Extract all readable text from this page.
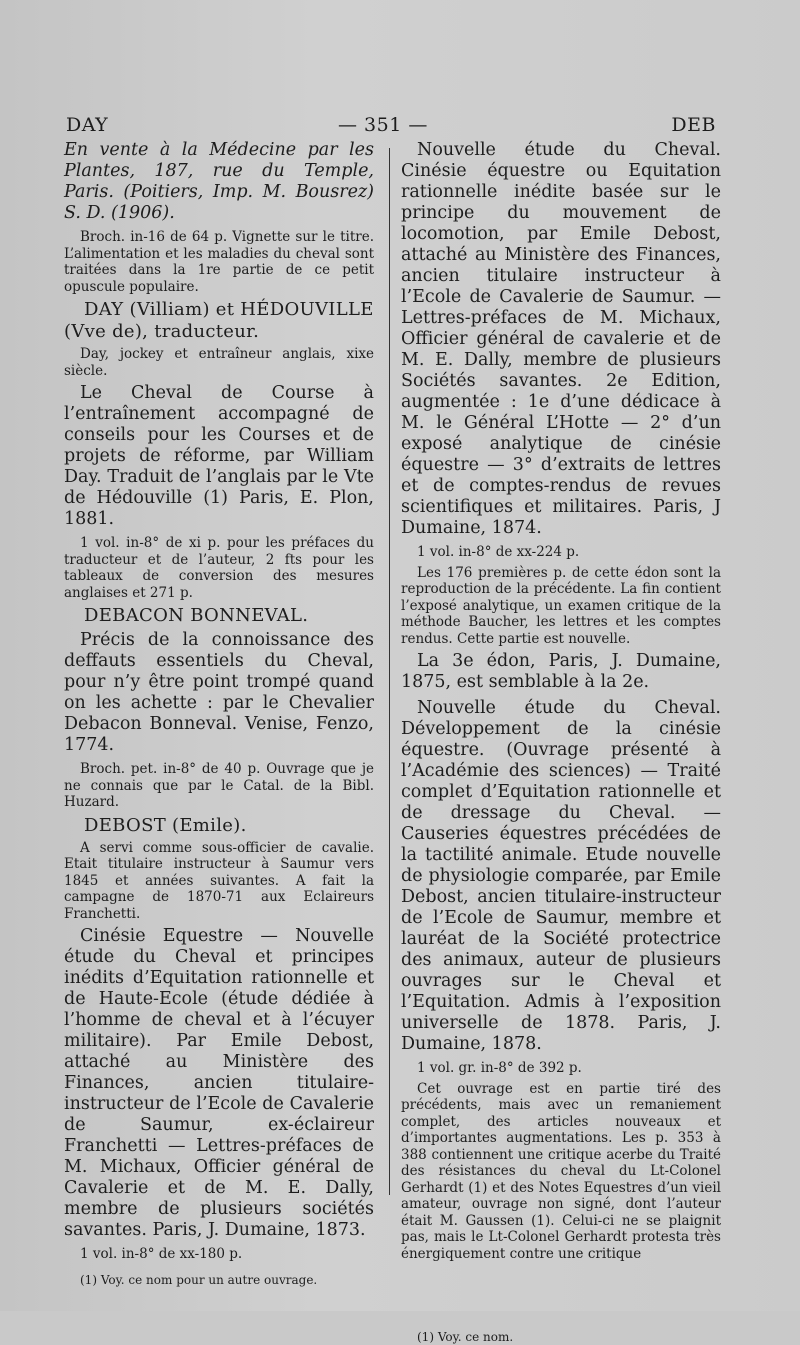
DAY	— 351 —	DEB

En vente à la Médecine par les Plantes, 187, rue du Temple, Paris. (Poitiers, Imp. M. Bousrez) S. D. (1906).

Broch. in-16 de 64 p. Vignette sur le titre. L’alimentation et les maladies du cheval sont traitées dans la 1re partie de ce petit opuscule populaire.

DAY (Villiam) et HÉDOUVILLE (Vve de), traducteur.

Day, jockey et entraîneur anglais, xixe siècle.

Le Cheval de Course à l’entraînement accompagné de conseils pour les Courses et de projets de réforme, par William Day. Traduit de l’anglais par le Vte de Hédouville (1) Paris, E. Plon, 1881.

1 vol. in-8° de xi p. pour les préfaces du traducteur et de l’auteur, 2 fts pour les tableaux de conversion des mesures anglaises et 271 p.

DEBACON BONNEVAL.

Précis de la connoissance des deffauts essentiels du Cheval, pour n’y être point trompé quand on les achette : par le Chevalier Debacon Bonneval. Venise, Fenzo, 1774.

Broch. pet. in-8° de 40 p. Ouvrage que je ne connais que par le Catal. de la Bibl. Huzard.

DEBOST (Emile).

A servi comme sous-officier de cavalie. Etait titulaire instructeur à Saumur vers 1845 et années suivantes. A fait la campagne de 1870-71 aux Eclaireurs Franchetti.

Cinésie Equestre — Nouvelle étude du Cheval et principes inédits d’Equitation rationnelle et de Haute-Ecole (étude dédiée à l’homme de cheval et à l’écuyer militaire). Par Emile Debost, attaché au Ministère des Finances, ancien titulaire-instructeur de l’Ecole de Cavalerie de Saumur, ex-éclaireur Franchetti — Lettres-préfaces de M. Michaux, Officier général de Cavalerie et de M. E. Dally, membre de plusieurs sociétés savantes. Paris, J. Dumaine, 1873.

1 vol. in-8° de xx-180 p.

(1) Voy. ce nom pour un autre ouvrage.

Nouvelle étude du Cheval. Cinésie équestre ou Equitation rationnelle inédite basée sur le principe du mouvement de locomotion, par Emile Debost, attaché au Ministère des Finances, ancien titulaire instructeur à l’Ecole de Cavalerie de Saumur. — Lettres-préfaces de M. Michaux, Officier général de cavalerie et de M. E. Dally, membre de plusieurs Sociétés savantes. 2e Edition, augmentée : 1e d’une dédicace à M. le Général L’Hotte — 2° d’un exposé analytique de cinésie équestre — 3° d’extraits de lettres et de comptes-rendus de revues scientifiques et militaires. Paris, J Dumaine, 1874.

1 vol. in-8° de xx-224 p.

Les 176 premières p. de cette édon sont la reproduction de la précédente. La fin contient l’exposé analytique, un examen critique de la méthode Baucher, les lettres et les comptes rendus. Cette partie est nouvelle.

La 3e édon, Paris, J. Dumaine, 1875, est semblable à la 2e.

Nouvelle étude du Cheval. Développement de la cinésie équestre. (Ouvrage présenté à l’Académie des sciences) — Traité complet d’Equitation rationnelle et de dressage du Cheval. — Causeries équestres précédées de la tactilité animale. Etude nouvelle de physiologie comparée, par Emile Debost, ancien titulaire-instructeur de l’Ecole de Saumur, membre et lauréat de la Société protectrice des animaux, auteur de plusieurs ouvrages sur le Cheval et l’Equitation. Admis à l’exposition universelle de 1878. Paris, J. Dumaine, 1878.

1 vol. gr. in-8° de 392 p.

Cet ouvrage est en partie tiré des précédents, mais avec un remaniement complet, des articles nouveaux et d’importantes augmentations. Les p. 353 à 388 contiennent une critique acerbe du Traité des résistances du cheval du Lt-Colonel Gerhardt (1) et des Notes Equestres d’un vieil amateur, ouvrage non signé, dont l’auteur était M. Gaussen (1). Celui-ci ne se plaignit pas, mais le Lt-Colonel Gerhardt protesta très énergiquement contre une critique

(1) Voy. ce nom.
